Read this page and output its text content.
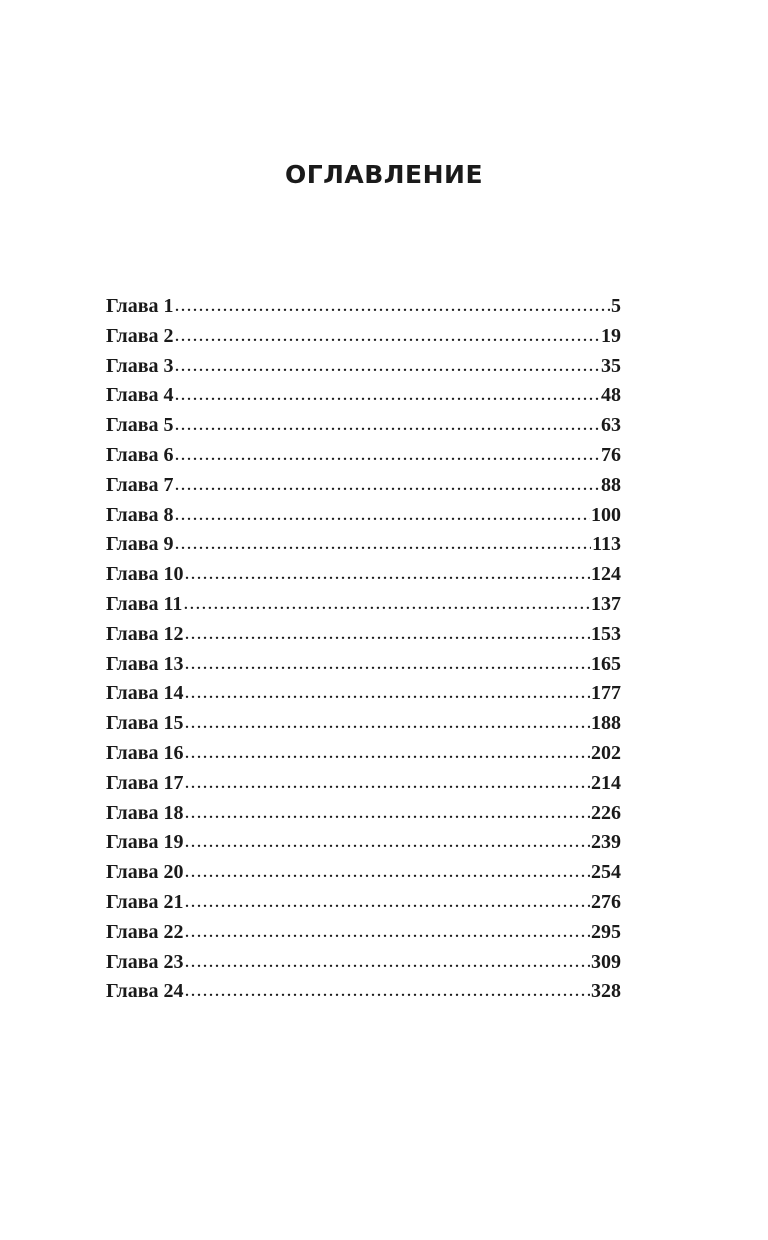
ОГЛАВЛЕНИЕ
Глава 1 .....	5
Глава 2 .....	19
Глава 3 .....	35
Глава 4 .....	48
Глава 5 .....	63
Глава 6 .....	76
Глава 7 .....	88
Глава 8 .....	100
Глава 9 .....	113
Глава 10 .....	124
Глава 11 .....	137
Глава 12 .....	153
Глава 13 .....	165
Глава 14 .....	177
Глава 15 .....	188
Глава 16 .....	202
Глава 17 .....	214
Глава 18 .....	226
Глава 19 .....	239
Глава 20 .....	254
Глава 21 .....	276
Глава 22 .....	295
Глава 23 .....	309
Глава 24 .....	328
